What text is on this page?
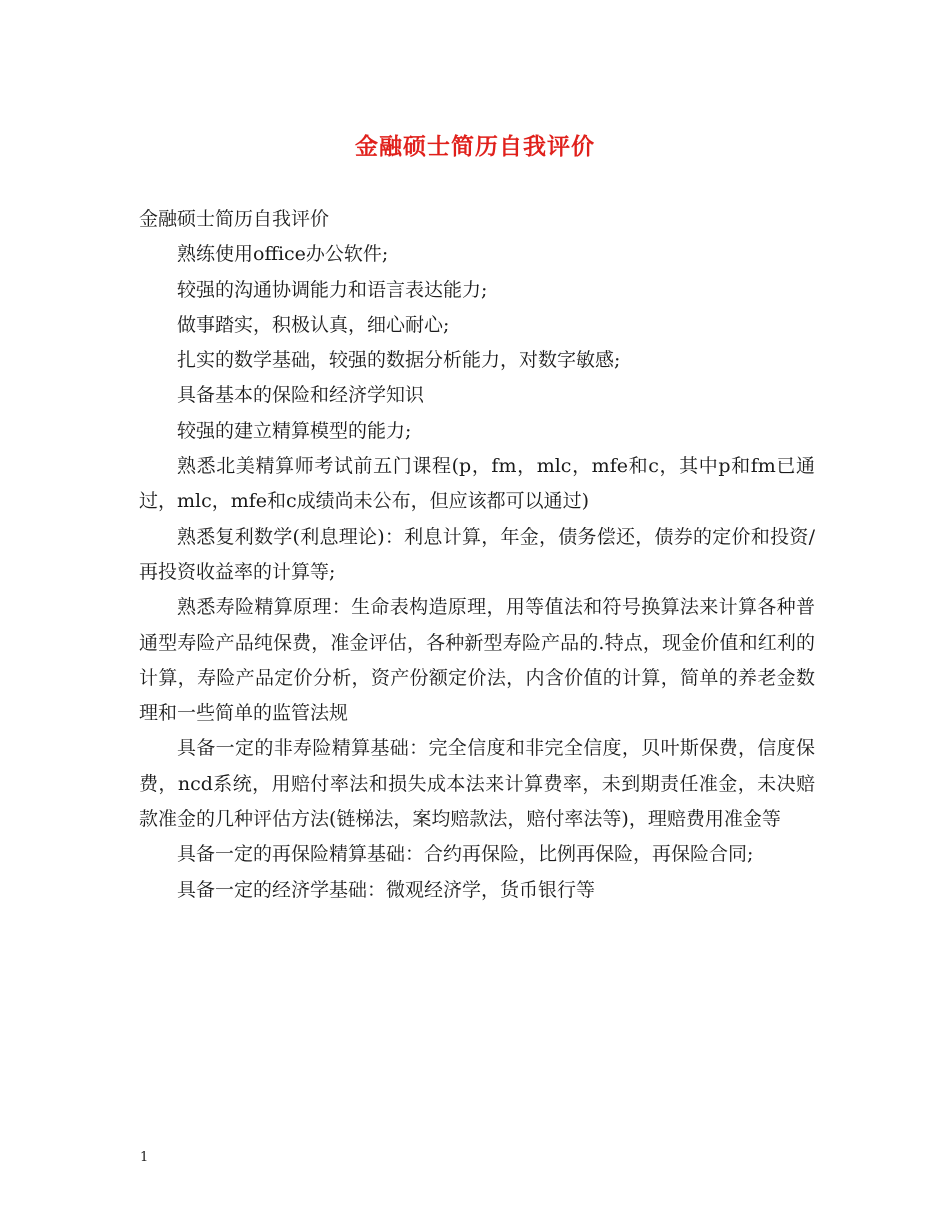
金融硕士简历自我评价

金融硕士简历自我评价

熟练使用office办公软件;

较强的沟通协调能力和语言表达能力;

做事踏实，积极认真，细心耐心;

扎实的数学基础，较强的数据分析能力，对数字敏感;

具备基本的保险和经济学知识

较强的建立精算模型的能力;

熟悉北美精算师考试前五门课程(p，fm，mlc，mfe和c，其中p和fm已通过，mlc，mfe和c成绩尚未公布，但应该都可以通过)

熟悉复利数学(利息理论)：利息计算，年金，债务偿还，债券的定价和投资/再投资收益率的计算等;

熟悉寿险精算原理：生命表构造原理，用等值法和符号换算法来计算各种普通型寿险产品纯保费，准金评估，各种新型寿险产品的.特点，现金价值和红利的计算，寿险产品定价分析，资产份额定价法，内含价值的计算，简单的养老金数理和一些简单的监管法规

具备一定的非寿险精算基础：完全信度和非完全信度，贝叶斯保费，信度保费，ncd系统，用赔付率法和损失成本法来计算费率，未到期责任准金，未决赔款准金的几种评估方法(链梯法，案均赔款法，赔付率法等)，理赔费用准金等

具备一定的再保险精算基础：合约再保险，比例再保险，再保险合同;

具备一定的经济学基础：微观经济学，货币银行等

1
